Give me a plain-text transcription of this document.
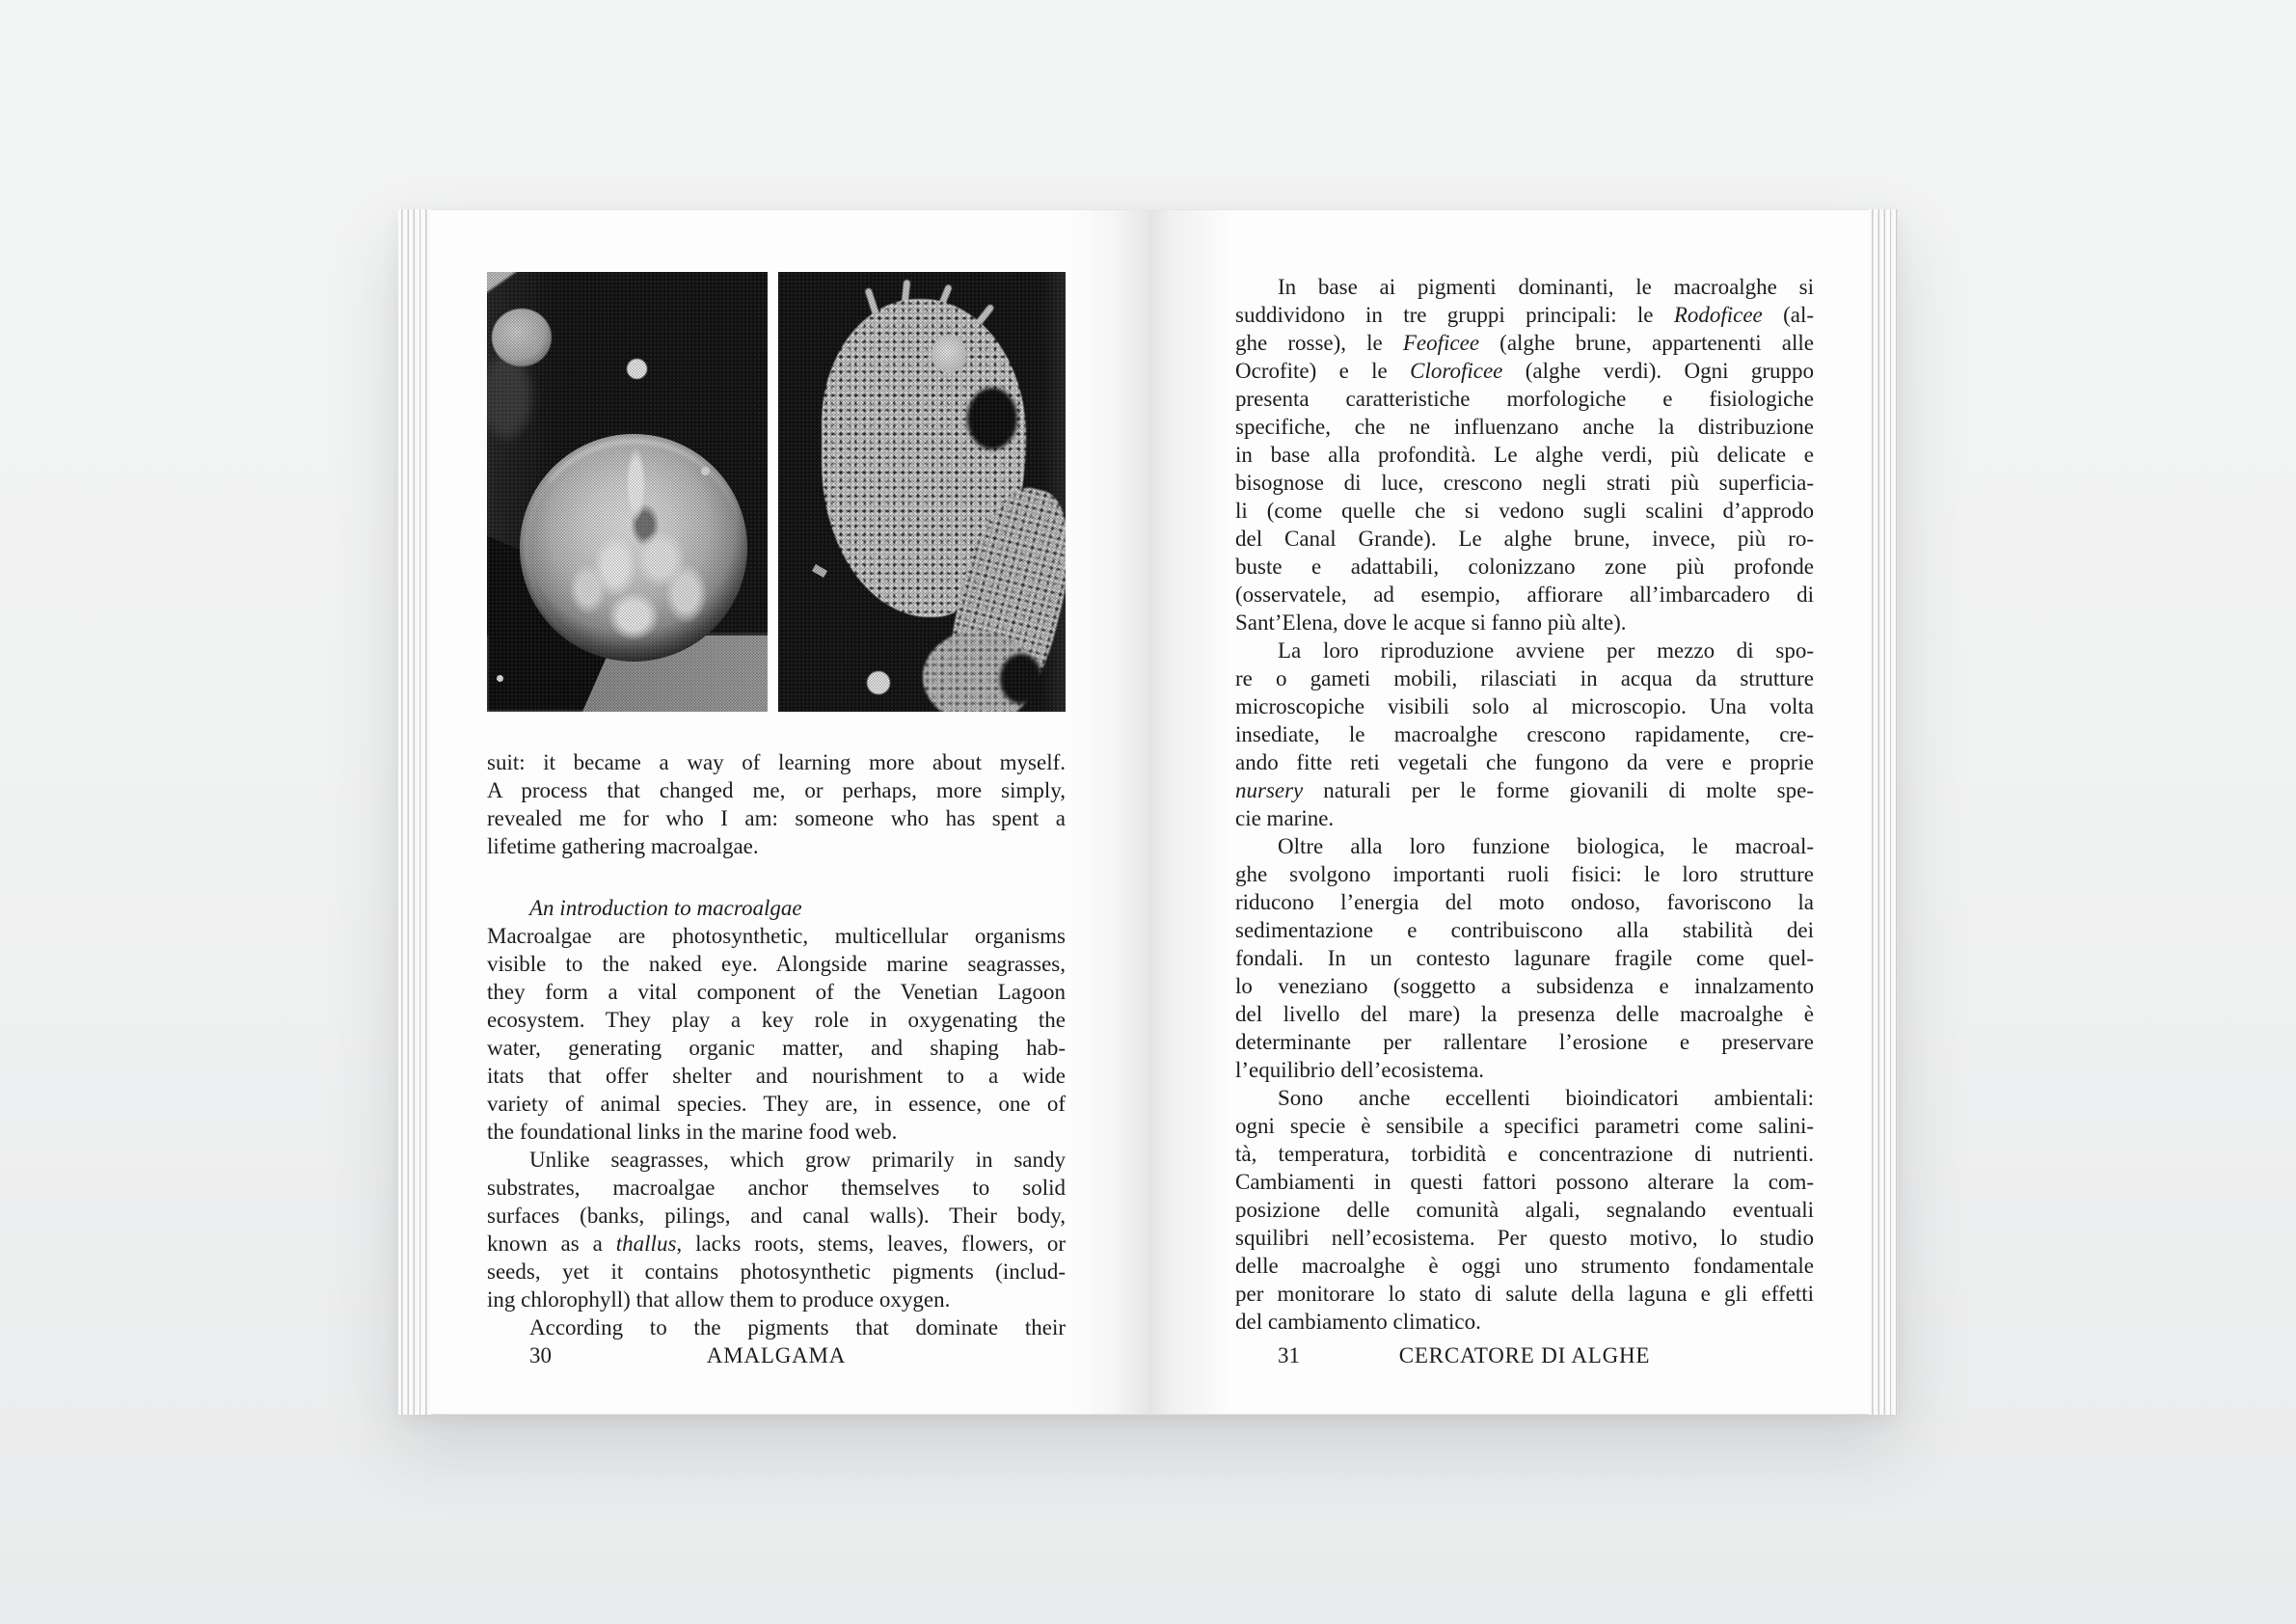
suit: it became a way of learning more about myself.
A process that changed me, or perhaps, more simply,
revealed me for who I am: someone who has spent a
lifetime gathering macroalgae.
An introduction to macroalgae
Macroalgae are photosynthetic, multicellular organisms
visible to the naked eye. Alongside marine seagrasses,
they form a vital component of the Venetian Lagoon
ecosystem. They play a key role in oxygenating the
water, generating organic matter, and shaping hab-
itats that offer shelter and nourishment to a wide
variety of animal species. They are, in essence, one of
the foundational links in the marine food web.
Unlike seagrasses, which grow primarily in sandy
substrates, macroalgae anchor themselves to solid
surfaces (banks, pilings, and canal walls). Their body,
known as a thallus, lacks roots, stems, leaves, flowers, or
seeds, yet it contains photosynthetic pigments (includ-
ing chlorophyll) that allow them to produce oxygen.
According to the pigments that dominate their
30	AMALGAMA
In base ai pigmenti dominanti, le macroalghe si
suddividono in tre gruppi principali: le Rodoficee (al-
ghe rosse), le Feoficee (alghe brune, appartenenti alle
Ocrofite) e le Cloroficee (alghe verdi). Ogni gruppo
presenta caratteristiche morfologiche e fisiologiche
specifiche, che ne influenzano anche la distribuzione
in base alla profondità. Le alghe verdi, più delicate e
bisognose di luce, crescono negli strati più superficia-
li (come quelle che si vedono sugli scalini d’approdo
del Canal Grande). Le alghe brune, invece, più ro-
buste e adattabili, colonizzano zone più profonde
(osservatele, ad esempio, affiorare all’imbarcadero di
Sant’Elena, dove le acque si fanno più alte).
La loro riproduzione avviene per mezzo di spo-
re o gameti mobili, rilasciati in acqua da strutture
microscopiche visibili solo al microscopio. Una volta
insediate, le macroalghe crescono rapidamente, cre-
ando fitte reti vegetali che fungono da vere e proprie
nursery naturali per le forme giovanili di molte spe-
cie marine.
Oltre alla loro funzione biologica, le macroal-
ghe svolgono importanti ruoli fisici: le loro strutture
riducono l’energia del moto ondoso, favoriscono la
sedimentazione e contribuiscono alla stabilità dei
fondali. In un contesto lagunare fragile come quel-
lo veneziano (soggetto a subsidenza e innalzamento
del livello del mare) la presenza delle macroalghe è
determinante per rallentare l’erosione e preservare
l’equilibrio dell’ecosistema.
Sono anche eccellenti bioindicatori ambientali:
ogni specie è sensibile a specifici parametri come salini-
tà, temperatura, torbidità e concentrazione di nutrienti.
Cambiamenti in questi fattori possono alterare la com-
posizione delle comunità algali, segnalando eventuali
squilibri nell’ecosistema. Per questo motivo, lo studio
delle macroalghe è oggi uno strumento fondamentale
per monitorare lo stato di salute della laguna e gli effetti
del cambiamento climatico.
31	CERCATORE DI ALGHE
